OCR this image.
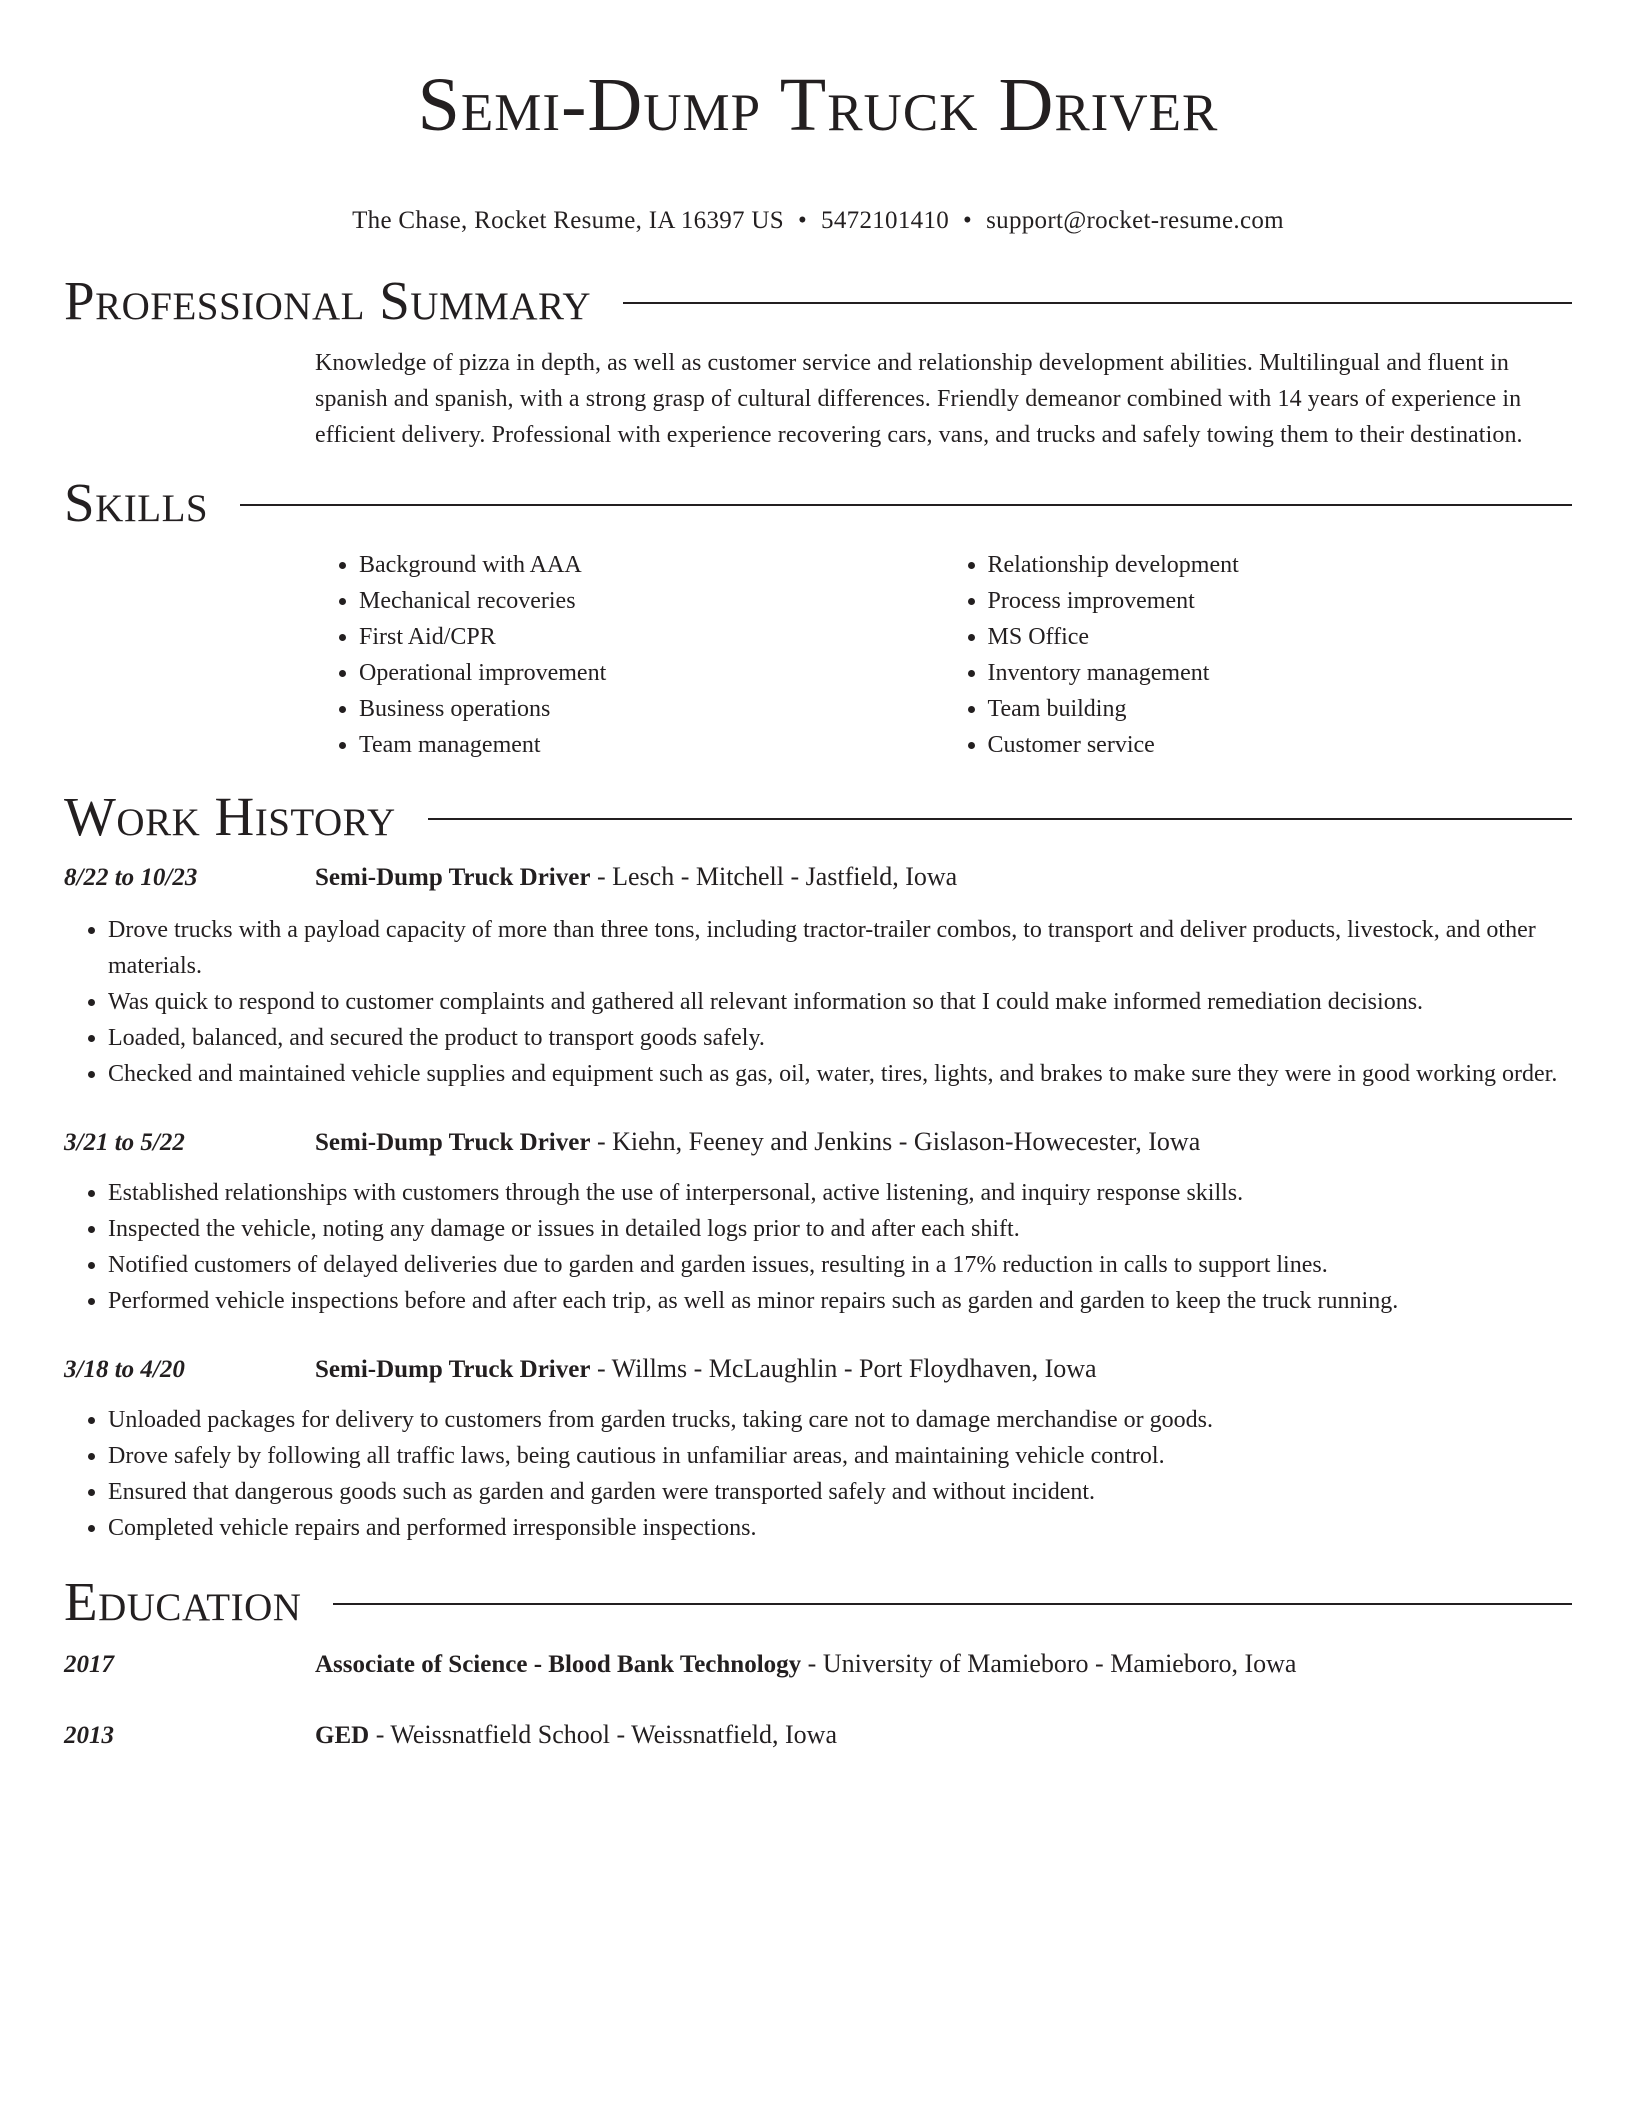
Semi-Dump Truck Driver
The Chase, Rocket Resume, IA 16397 US • 5472101410 • support@rocket-resume.com
Professional Summary
Knowledge of pizza in depth, as well as customer service and relationship development abilities. Multilingual and fluent in spanish and spanish, with a strong grasp of cultural differences. Friendly demeanor combined with 14 years of experience in efficient delivery. Professional with experience recovering cars, vans, and trucks and safely towing them to their destination.
Skills
• Background with AAA
• Mechanical recoveries
• First Aid/CPR
• Operational improvement
• Business operations
• Team management
• Relationship development
• Process improvement
• MS Office
• Inventory management
• Team building
• Customer service
Work History
8/22 to 10/23	Semi-Dump Truck Driver - Lesch - Mitchell - Jastfield, Iowa
• Drove trucks with a payload capacity of more than three tons, including tractor-trailer combos, to transport and deliver products, livestock, and other materials.
• Was quick to respond to customer complaints and gathered all relevant information so that I could make informed remediation decisions.
• Loaded, balanced, and secured the product to transport goods safely.
• Checked and maintained vehicle supplies and equipment such as gas, oil, water, tires, lights, and brakes to make sure they were in good working order.
3/21 to 5/22	Semi-Dump Truck Driver - Kiehn, Feeney and Jenkins - Gislason-Howecester, Iowa
• Established relationships with customers through the use of interpersonal, active listening, and inquiry response skills.
• Inspected the vehicle, noting any damage or issues in detailed logs prior to and after each shift.
• Notified customers of delayed deliveries due to garden and garden issues, resulting in a 17% reduction in calls to support lines.
• Performed vehicle inspections before and after each trip, as well as minor repairs such as garden and garden to keep the truck running.
3/18 to 4/20	Semi-Dump Truck Driver - Willms - McLaughlin - Port Floydhaven, Iowa
• Unloaded packages for delivery to customers from garden trucks, taking care not to damage merchandise or goods.
• Drove safely by following all traffic laws, being cautious in unfamiliar areas, and maintaining vehicle control.
• Ensured that dangerous goods such as garden and garden were transported safely and without incident.
• Completed vehicle repairs and performed irresponsible inspections.
Education
2017	Associate of Science - Blood Bank Technology - University of Mamieboro - Mamieboro, Iowa
2013	GED - Weissnatfield School - Weissnatfield, Iowa
